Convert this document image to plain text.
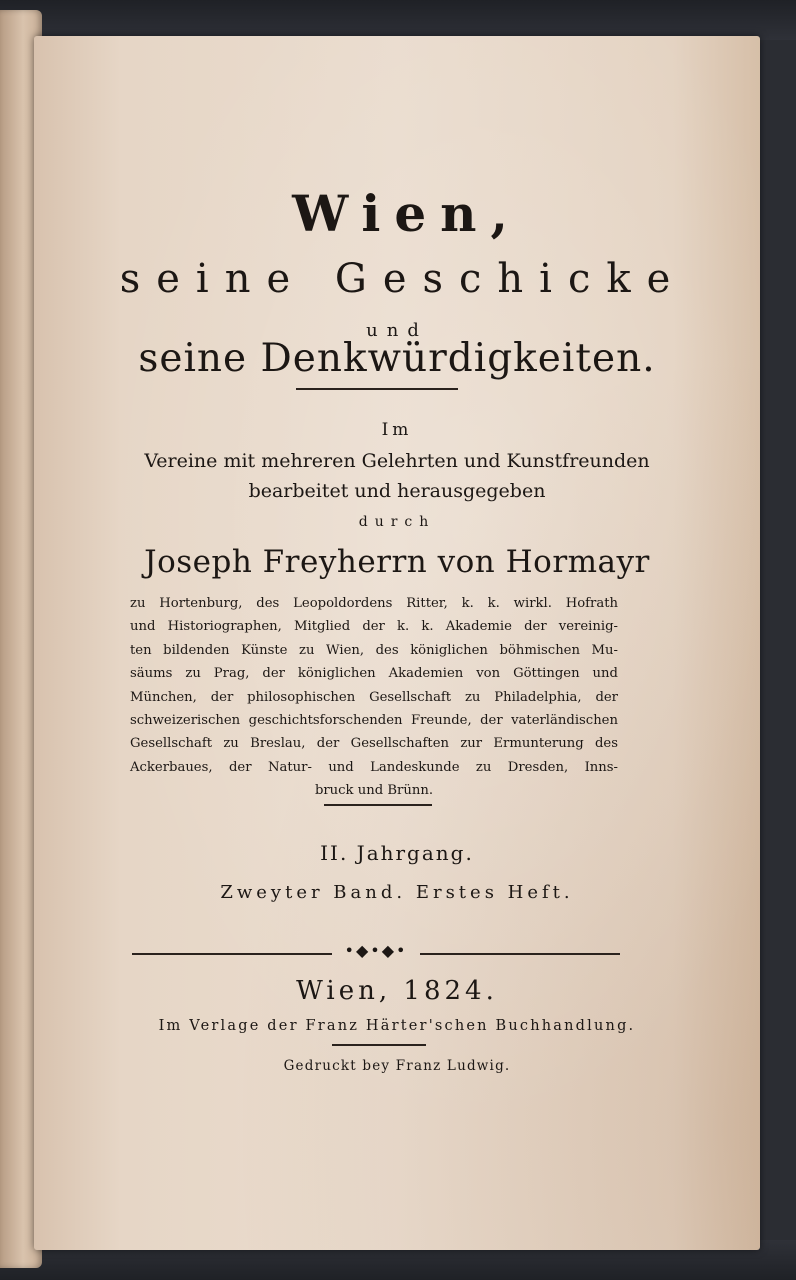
Wien,
seine Geschicke
und
seine Denkwürdigkeiten.
Im
Vereine mit mehreren Gelehrten und Kunstfreunden
bearbeitet und herausgegeben
durch
Joseph Freyherrn von Hormayr
zu Hortenburg, des Leopoldordens Ritter, k. k. wirkl. Hofrath
und Historiographen, Mitglied der k. k. Akademie der vereinig-
ten bildenden Künste zu Wien, des königlichen böhmischen Mu-
säums zu Prag, der königlichen Akademien von Göttingen und
München, der philosophischen Gesellschaft zu Philadelphia, der
schweizerischen geschichtsforschenden Freunde, der vaterländischen
Gesellschaft zu Breslau, der Gesellschaften zur Ermunterung des
Ackerbaues, der Natur- und Landeskunde zu Dresden, Inns-
bruck und Brünn.
II. Jahrgang.
Zweyter Band. Erstes Heft.
•◆•◆•
Wien, 1824.
Im Verlage der Franz Härter'schen Buchhandlung.
Gedruckt bey Franz Ludwig.
